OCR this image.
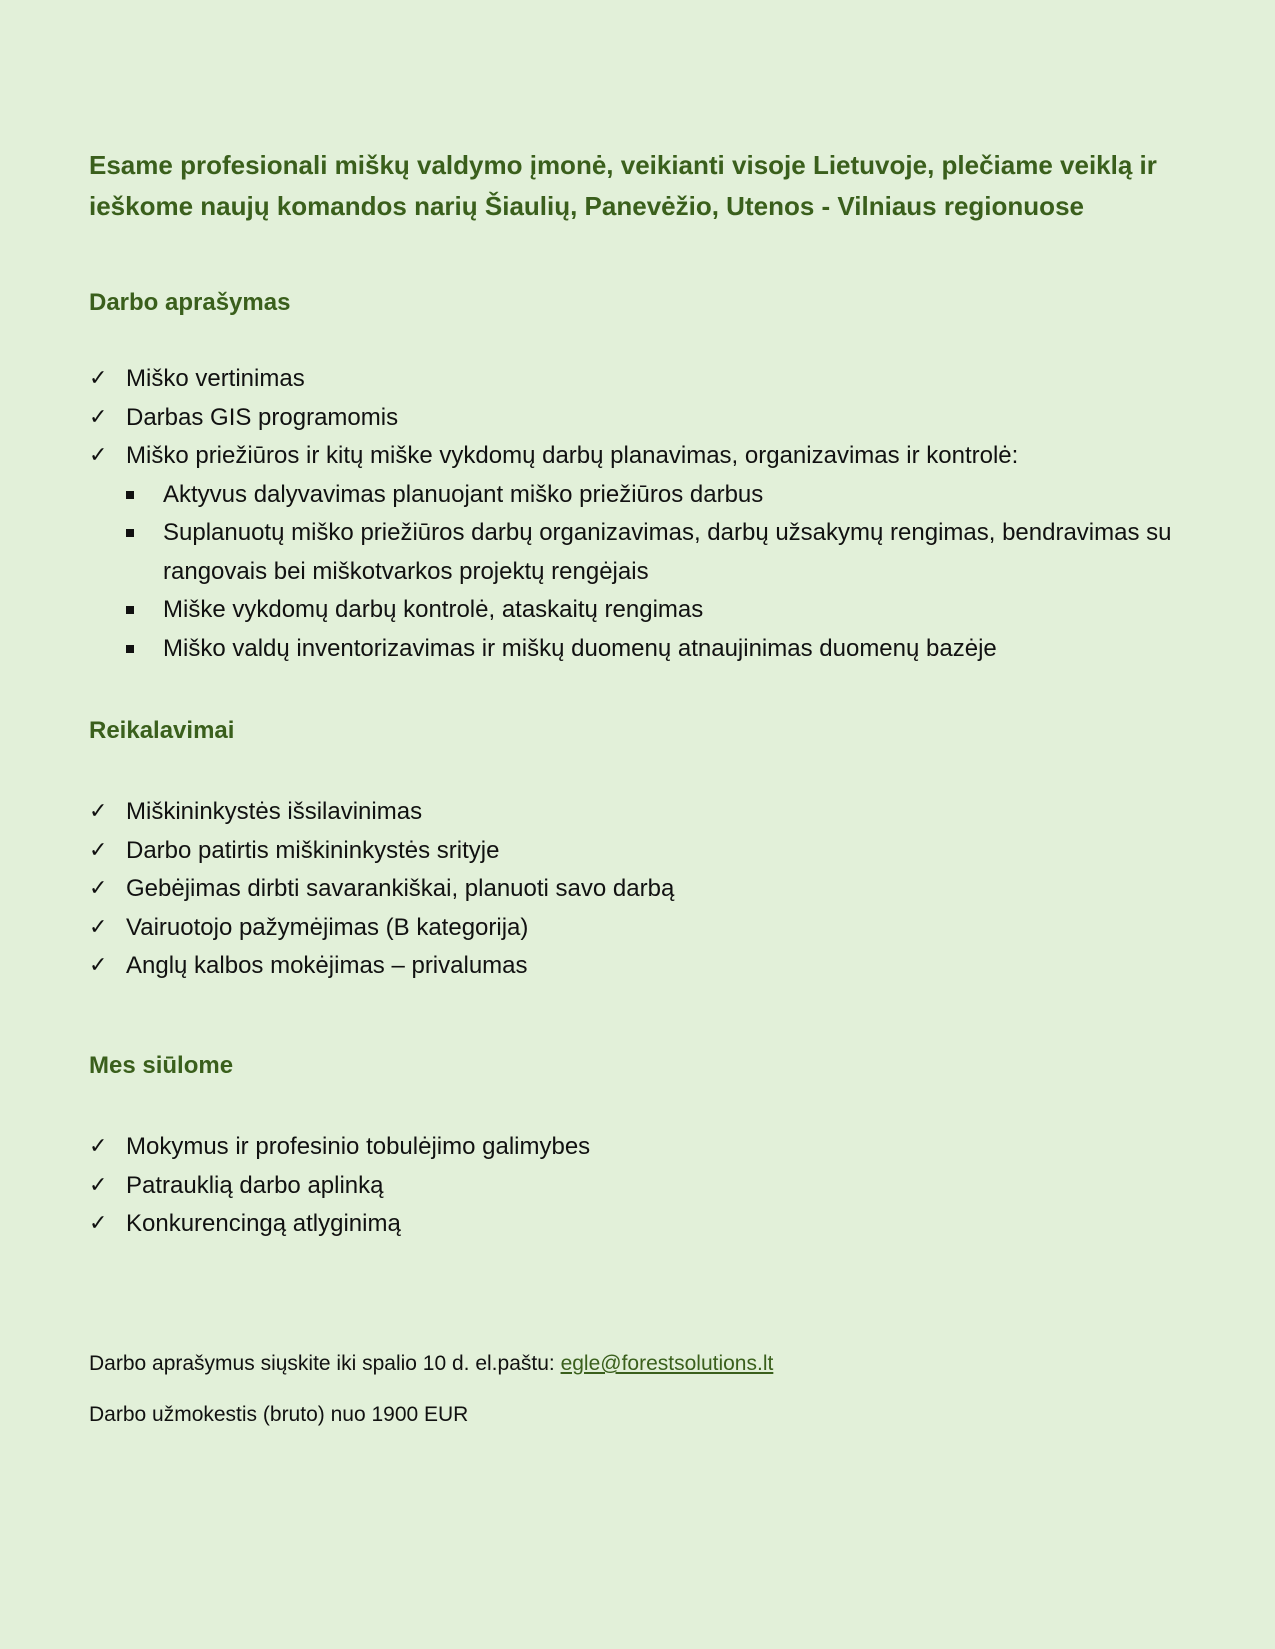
Esame profesionali miškų valdymo įmonė, veikianti visoje Lietuvoje, plečiame veiklą ir ieškome naujų komandos narių Šiaulių, Panevėžio, Utenos - Vilniaus regionuose

Darbo aprašymas
✓ Miško vertinimas
✓ Darbas GIS programomis
✓ Miško priežiūros ir kitų miške vykdomų darbų planavimas, organizavimas ir kontrolė:
Aktyvus dalyvavimas planuojant miško priežiūros darbus
Suplanuotų miško priežiūros darbų organizavimas, darbų užsakymų rengimas, bendravimas su rangovais bei miškotvarkos projektų rengėjais
Miške vykdomų darbų kontrolė, ataskaitų rengimas
Miško valdų inventorizavimas ir miškų duomenų atnaujinimas duomenų bazėje
Reikalavimai
✓ Miškininkystės išsilavinimas
✓ Darbo patirtis miškininkystės srityje
✓ Gebėjimas dirbti savarankiškai, planuoti savo darbą
✓ Vairuotojo pažymėjimas (B kategorija)
✓ Anglų kalbos mokėjimas – privalumas
Mes siūlome
✓ Mokymus ir profesinio tobulėjimo galimybes
✓ Patrauklią darbo aplinką
✓ Konkurencingą atlyginimą

Darbo aprašymus siųskite iki spalio 10 d. el.paštu: egle@forestsolutions.lt

Darbo užmokestis (bruto) nuo 1900 EUR
